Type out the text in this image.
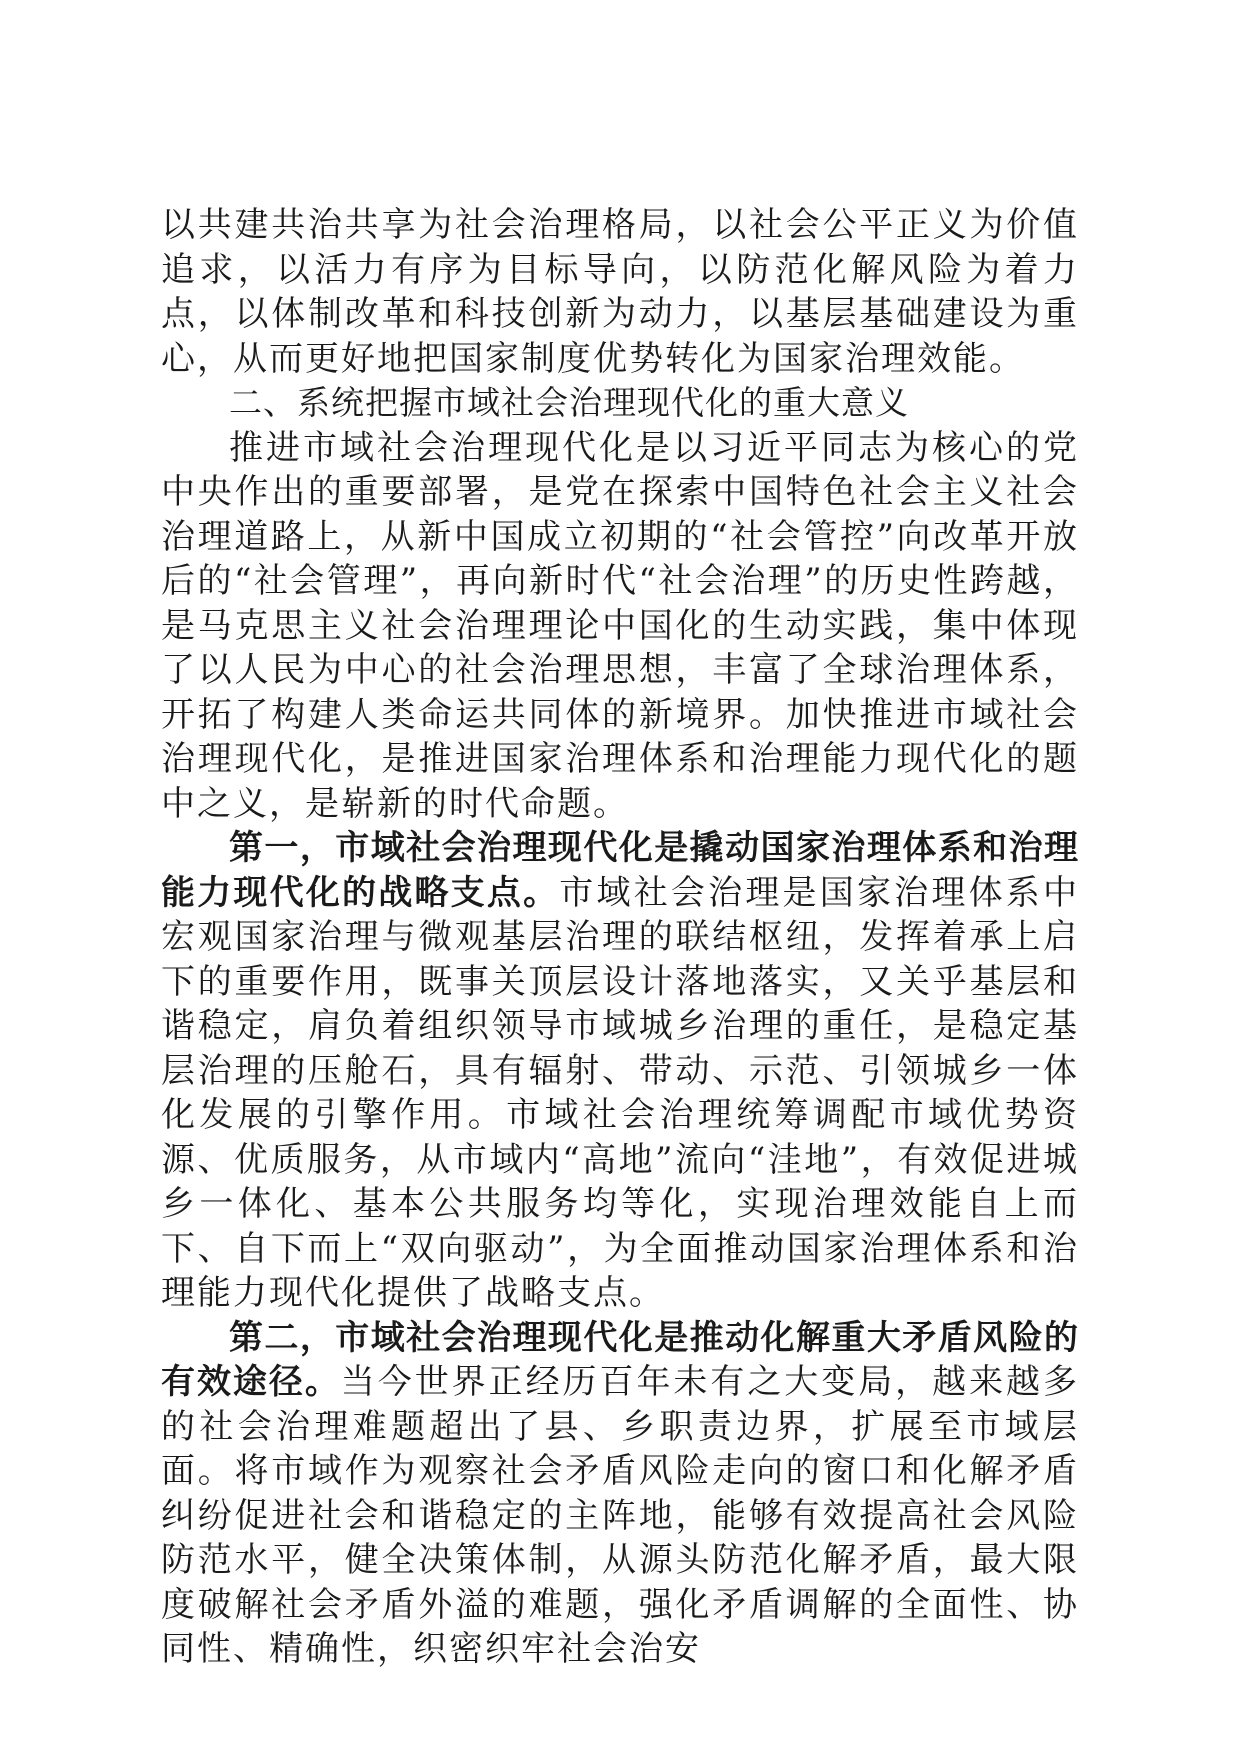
以共建共治共享为社会治理格局，以社会公平正义为价值追求，以活力有序为目标导向，以防范化解风险为着力点，以体制改革和科技创新为动力，以基层基础建设为重心，从而更好地把国家制度优势转化为国家治理效能。

二、系统把握市域社会治理现代化的重大意义

推进市域社会治理现代化是以习近平同志为核心的党中央作出的重要部署，是党在探索中国特色社会主义社会治理道路上，从新中国成立初期的“社会管控”向改革开放后的“社会管理”，再向新时代“社会治理”的历史性跨越，是马克思主义社会治理理论中国化的生动实践，集中体现了以人民为中心的社会治理思想，丰富了全球治理体系，开拓了构建人类命运共同体的新境界。加快推进市域社会治理现代化，是推进国家治理体系和治理能力现代化的题中之义，是崭新的时代命题。

第一，市域社会治理现代化是撬动国家治理体系和治理能力现代化的战略支点。市域社会治理是国家治理体系中宏观国家治理与微观基层治理的联结枢纽，发挥着承上启下的重要作用，既事关顶层设计落地落实，又关乎基层和谐稳定，肩负着组织领导市域城乡治理的重任，是稳定基层治理的压舱石，具有辐射、带动、示范、引领城乡一体化发展的引擎作用。市域社会治理统筹调配市域优势资源、优质服务，从市域内“高地”流向“洼地”，有效促进城乡一体化、基本公共服务均等化，实现治理效能自上而下、自下而上“双向驱动”，为全面推动国家治理体系和治理能力现代化提供了战略支点。

第二，市域社会治理现代化是推动化解重大矛盾风险的有效途径。当今世界正经历百年未有之大变局，越来越多的社会治理难题超出了县、乡职责边界，扩展至市域层面。将市域作为观察社会矛盾风险走向的窗口和化解矛盾纠纷促进社会和谐稳定的主阵地，能够有效提高社会风险防范水平，健全决策体制，从源头防范化解矛盾，最大限度破解社会矛盾外溢的难题，强化矛盾调解的全面性、协同性、精确性，织密织牢社会治安
